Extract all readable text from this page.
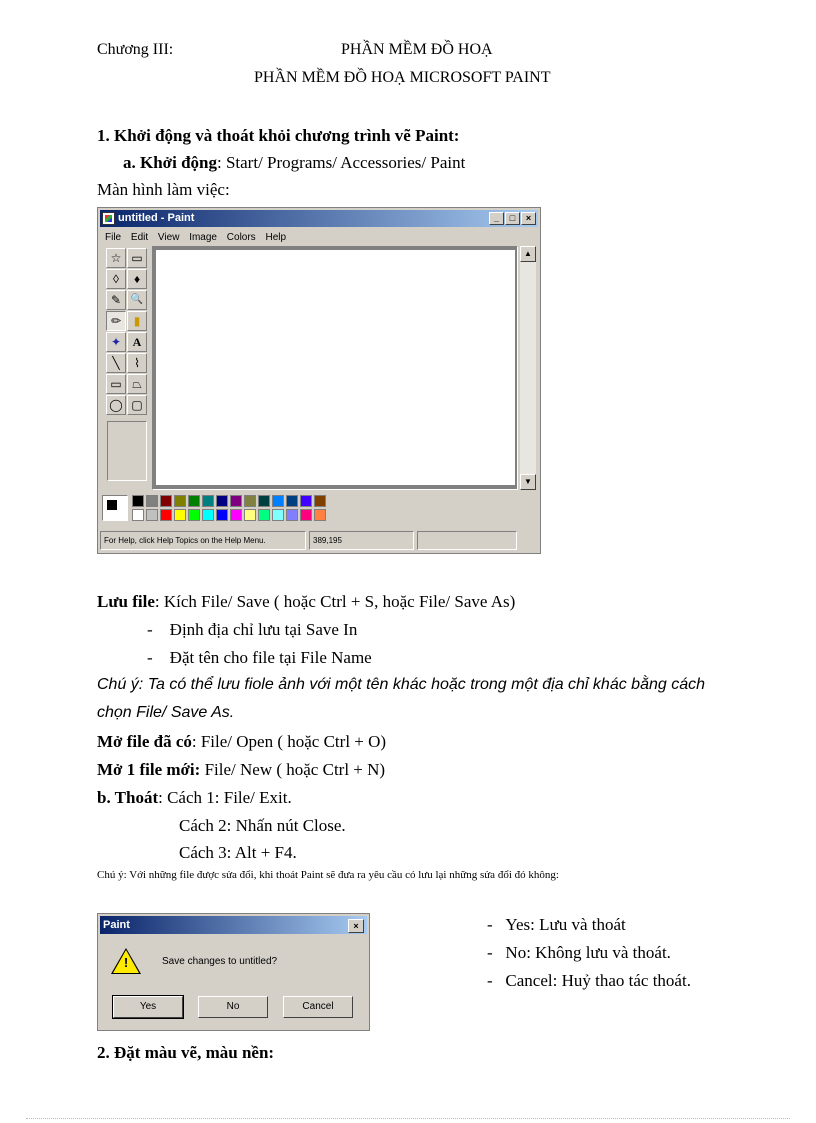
Chương III:	PHẦN MỀM ĐỒ HOẠ
PHẦN MỀM ĐỒ HOẠ MICROSOFT PAINT
1. Khởi động và thoát khỏi chương trình vẽ Paint:
a. Khởi động: Start/ Programs/ Accessories/ Paint
Màn hình làm việc:
untitled - Paint	_	□	×
File Edit View Image Colors Help
☆ ▭
◊	♦
✎ 🔍
✏	▮
✦ A
╲	⌇
▭ ⏢
◯ ▢
▲
▼
For Help, click Help Topics on the Help Menu.	389,195
Lưu file: Kích File/ Save ( hoặc Ctrl + S, hoặc File/ Save As)
-    Định địa chỉ lưu tại Save In
-    Đặt tên cho file tại File Name
Chú ý: Ta có thể lưu fiole ảnh với một tên khác hoặc trong một địa chỉ khác bằng cách
chọn File/ Save As.
Mở file đã có: File/ Open ( hoặc Ctrl + O)
Mở 1 file mới: File/ New ( hoặc Ctrl + N)
b. Thoát: Cách 1: File/ Exit.
Cách 2: Nhấn nút Close.
Cách 3: Alt + F4.
Chú ý: Với những file được sửa đổi, khi thoát Paint sẽ đưa ra yêu cầu có lưu lại những sửa đổi đó không:
Paint	×
!	Save changes to untitled?
Yes	No	Cancel
-   Yes: Lưu và thoát
-   No: Không lưu và thoát.
-   Cancel: Huỷ thao tác thoát.
2. Đặt màu vẽ, màu nền:
